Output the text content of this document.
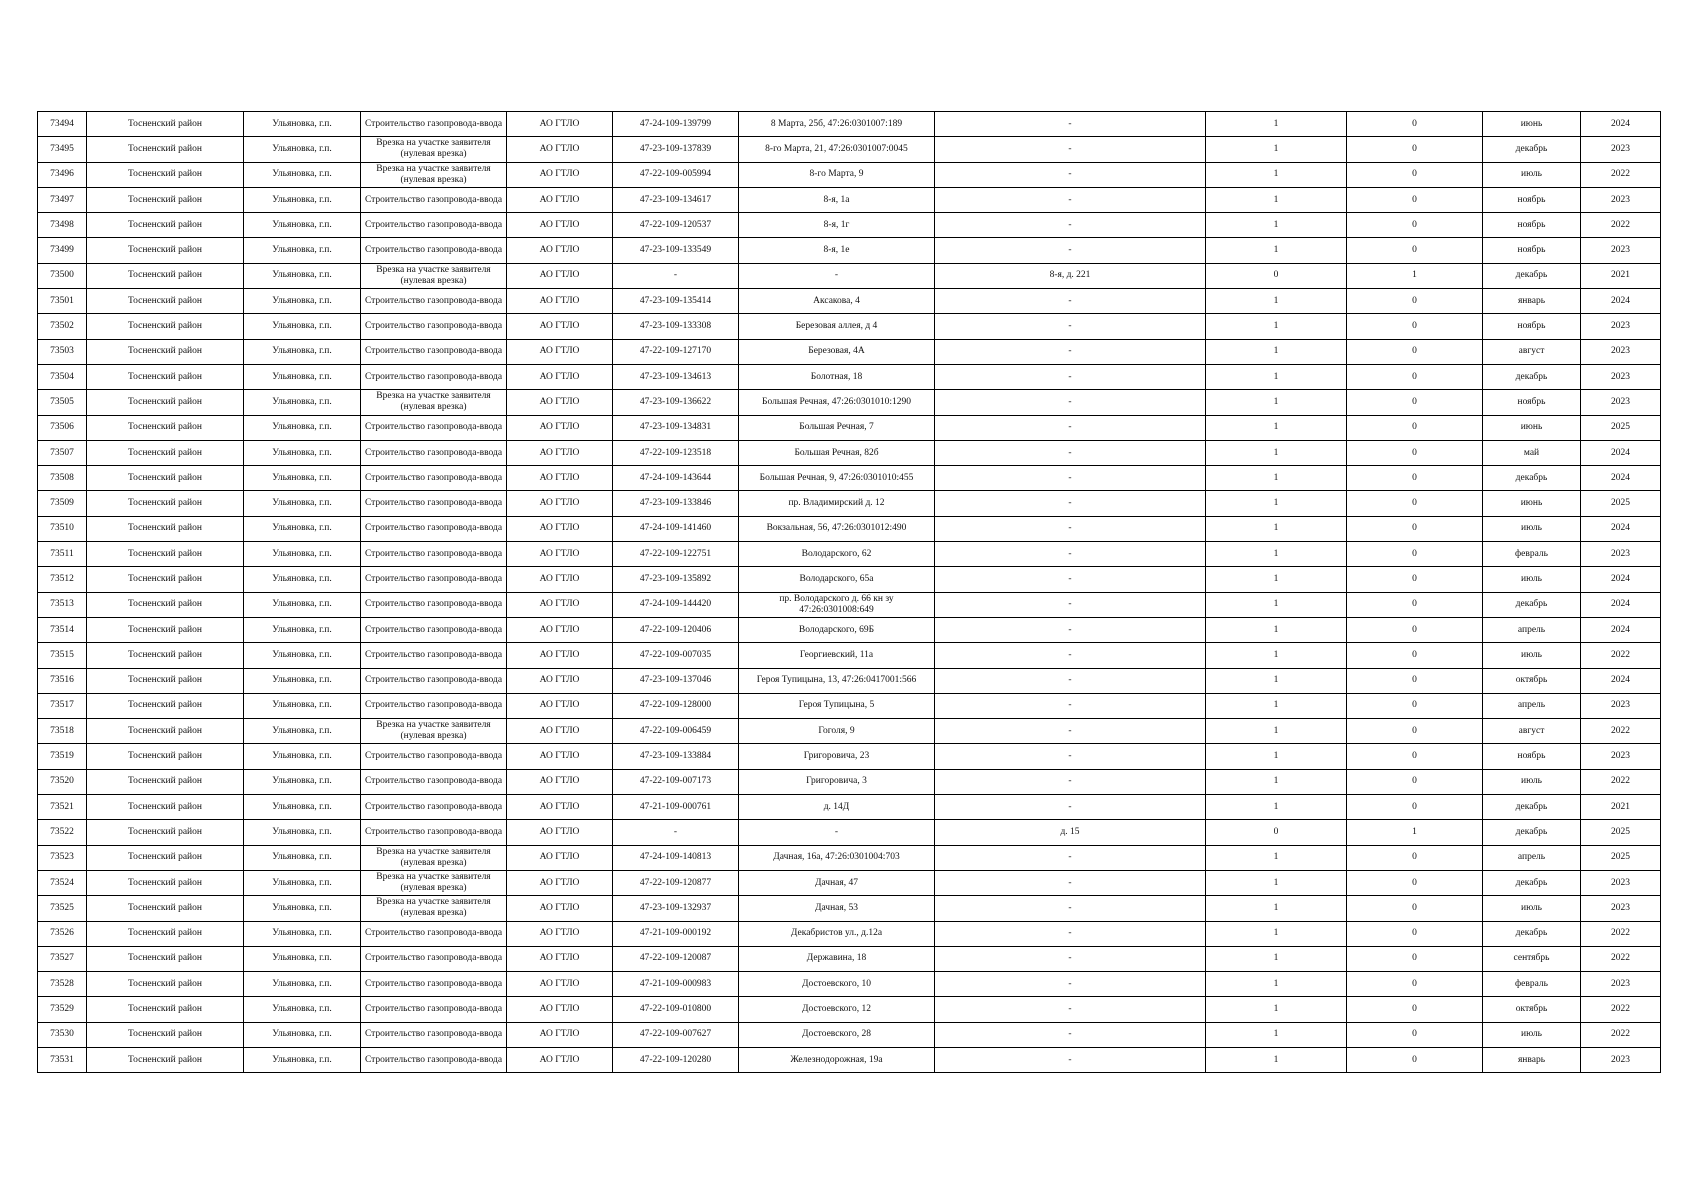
73494	Тосненский район	Ульяновка, г.п.	Строительство газопровода-ввода	АО ГТЛО	47-24-109-139799	8 Марта, 25б, 47:26:0301007:189	-	1	0	июнь	2024
73495	Тосненский район	Ульяновка, г.п.	Врезка на участке заявителя (нулевая врезка)	АО ГТЛО	47-23-109-137839	8-го Марта, 21, 47:26:0301007:0045	-	1	0	декабрь	2023
73496	Тосненский район	Ульяновка, г.п.	Врезка на участке заявителя (нулевая врезка)	АО ГТЛО	47-22-109-005994	8-го Марта, 9	-	1	0	июль	2022
73497	Тосненский район	Ульяновка, г.п.	Строительство газопровода-ввода	АО ГТЛО	47-23-109-134617	8-я, 1а	-	1	0	ноябрь	2023
73498	Тосненский район	Ульяновка, г.п.	Строительство газопровода-ввода	АО ГТЛО	47-22-109-120537	8-я, 1г	-	1	0	ноябрь	2022
73499	Тосненский район	Ульяновка, г.п.	Строительство газопровода-ввода	АО ГТЛО	47-23-109-133549	8-я, 1е	-	1	0	ноябрь	2023
73500	Тосненский район	Ульяновка, г.п.	Врезка на участке заявителя (нулевая врезка)	АО ГТЛО	-	-	8-я, д. 221	0	1	декабрь	2021
73501	Тосненский район	Ульяновка, г.п.	Строительство газопровода-ввода	АО ГТЛО	47-23-109-135414	Аксакова, 4	-	1	0	январь	2024
73502	Тосненский район	Ульяновка, г.п.	Строительство газопровода-ввода	АО ГТЛО	47-23-109-133308	Березовая аллея, д 4	-	1	0	ноябрь	2023
73503	Тосненский район	Ульяновка, г.п.	Строительство газопровода-ввода	АО ГТЛО	47-22-109-127170	Березовая, 4А	-	1	0	август	2023
73504	Тосненский район	Ульяновка, г.п.	Строительство газопровода-ввода	АО ГТЛО	47-23-109-134613	Болотная, 18	-	1	0	декабрь	2023
73505	Тосненский район	Ульяновка, г.п.	Врезка на участке заявителя (нулевая врезка)	АО ГТЛО	47-23-109-136622	Большая Речная, 47:26:0301010:1290	-	1	0	ноябрь	2023
73506	Тосненский район	Ульяновка, г.п.	Строительство газопровода-ввода	АО ГТЛО	47-23-109-134831	Большая Речная, 7	-	1	0	июнь	2025
73507	Тосненский район	Ульяновка, г.п.	Строительство газопровода-ввода	АО ГТЛО	47-22-109-123518	Большая Речная, 82б	-	1	0	май	2024
73508	Тосненский район	Ульяновка, г.п.	Строительство газопровода-ввода	АО ГТЛО	47-24-109-143644	Большая Речная, 9, 47:26:0301010:455	-	1	0	декабрь	2024
73509	Тосненский район	Ульяновка, г.п.	Строительство газопровода-ввода	АО ГТЛО	47-23-109-133846	пр. Владимирский д. 12	-	1	0	июнь	2025
73510	Тосненский район	Ульяновка, г.п.	Строительство газопровода-ввода	АО ГТЛО	47-24-109-141460	Вокзальная, 56, 47:26:0301012:490	-	1	0	июль	2024
73511	Тосненский район	Ульяновка, г.п.	Строительство газопровода-ввода	АО ГТЛО	47-22-109-122751	Володарского, 62	-	1	0	февраль	2023
73512	Тосненский район	Ульяновка, г.п.	Строительство газопровода-ввода	АО ГТЛО	47-23-109-135892	Володарского, 65а	-	1	0	июль	2024
73513	Тосненский район	Ульяновка, г.п.	Строительство газопровода-ввода	АО ГТЛО	47-24-109-144420	пр. Володарского д. 66 кн зу 47:26:0301008:649	-	1	0	декабрь	2024
73514	Тосненский район	Ульяновка, г.п.	Строительство газопровода-ввода	АО ГТЛО	47-22-109-120406	Володарского, 69Б	-	1	0	апрель	2024
73515	Тосненский район	Ульяновка, г.п.	Строительство газопровода-ввода	АО ГТЛО	47-22-109-007035	Георгиевский, 11а	-	1	0	июль	2022
73516	Тосненский район	Ульяновка, г.п.	Строительство газопровода-ввода	АО ГТЛО	47-23-109-137046	Героя Тупицына, 13, 47:26:0417001:566	-	1	0	октябрь	2024
73517	Тосненский район	Ульяновка, г.п.	Строительство газопровода-ввода	АО ГТЛО	47-22-109-128000	Героя Тупицына, 5	-	1	0	апрель	2023
73518	Тосненский район	Ульяновка, г.п.	Врезка на участке заявителя (нулевая врезка)	АО ГТЛО	47-22-109-006459	Гоголя, 9	-	1	0	август	2022
73519	Тосненский район	Ульяновка, г.п.	Строительство газопровода-ввода	АО ГТЛО	47-23-109-133884	Григоровича, 23	-	1	0	ноябрь	2023
73520	Тосненский район	Ульяновка, г.п.	Строительство газопровода-ввода	АО ГТЛО	47-22-109-007173	Григоровича, 3	-	1	0	июль	2022
73521	Тосненский район	Ульяновка, г.п.	Строительство газопровода-ввода	АО ГТЛО	47-21-109-000761	д. 14Д	-	1	0	декабрь	2021
73522	Тосненский район	Ульяновка, г.п.	Строительство газопровода-ввода	АО ГТЛО	-	-	д. 15	0	1	декабрь	2025
73523	Тосненский район	Ульяновка, г.п.	Врезка на участке заявителя (нулевая врезка)	АО ГТЛО	47-24-109-140813	Дачная, 16а, 47:26:0301004:703	-	1	0	апрель	2025
73524	Тосненский район	Ульяновка, г.п.	Врезка на участке заявителя (нулевая врезка)	АО ГТЛО	47-22-109-120877	Дачная, 47	-	1	0	декабрь	2023
73525	Тосненский район	Ульяновка, г.п.	Врезка на участке заявителя (нулевая врезка)	АО ГТЛО	47-23-109-132937	Дачная, 53	-	1	0	июль	2023
73526	Тосненский район	Ульяновка, г.п.	Строительство газопровода-ввода	АО ГТЛО	47-21-109-000192	Декабристов ул., д.12а	-	1	0	декабрь	2022
73527	Тосненский район	Ульяновка, г.п.	Строительство газопровода-ввода	АО ГТЛО	47-22-109-120087	Державина, 18	-	1	0	сентябрь	2022
73528	Тосненский район	Ульяновка, г.п.	Строительство газопровода-ввода	АО ГТЛО	47-21-109-000983	Достоевского, 10	-	1	0	февраль	2023
73529	Тосненский район	Ульяновка, г.п.	Строительство газопровода-ввода	АО ГТЛО	47-22-109-010800	Достоевского, 12	-	1	0	октябрь	2022
73530	Тосненский район	Ульяновка, г.п.	Строительство газопровода-ввода	АО ГТЛО	47-22-109-007627	Достоевского, 28	-	1	0	июль	2022
73531	Тосненский район	Ульяновка, г.п.	Строительство газопровода-ввода	АО ГТЛО	47-22-109-120280	Железнодорожная, 19а	-	1	0	январь	2023
